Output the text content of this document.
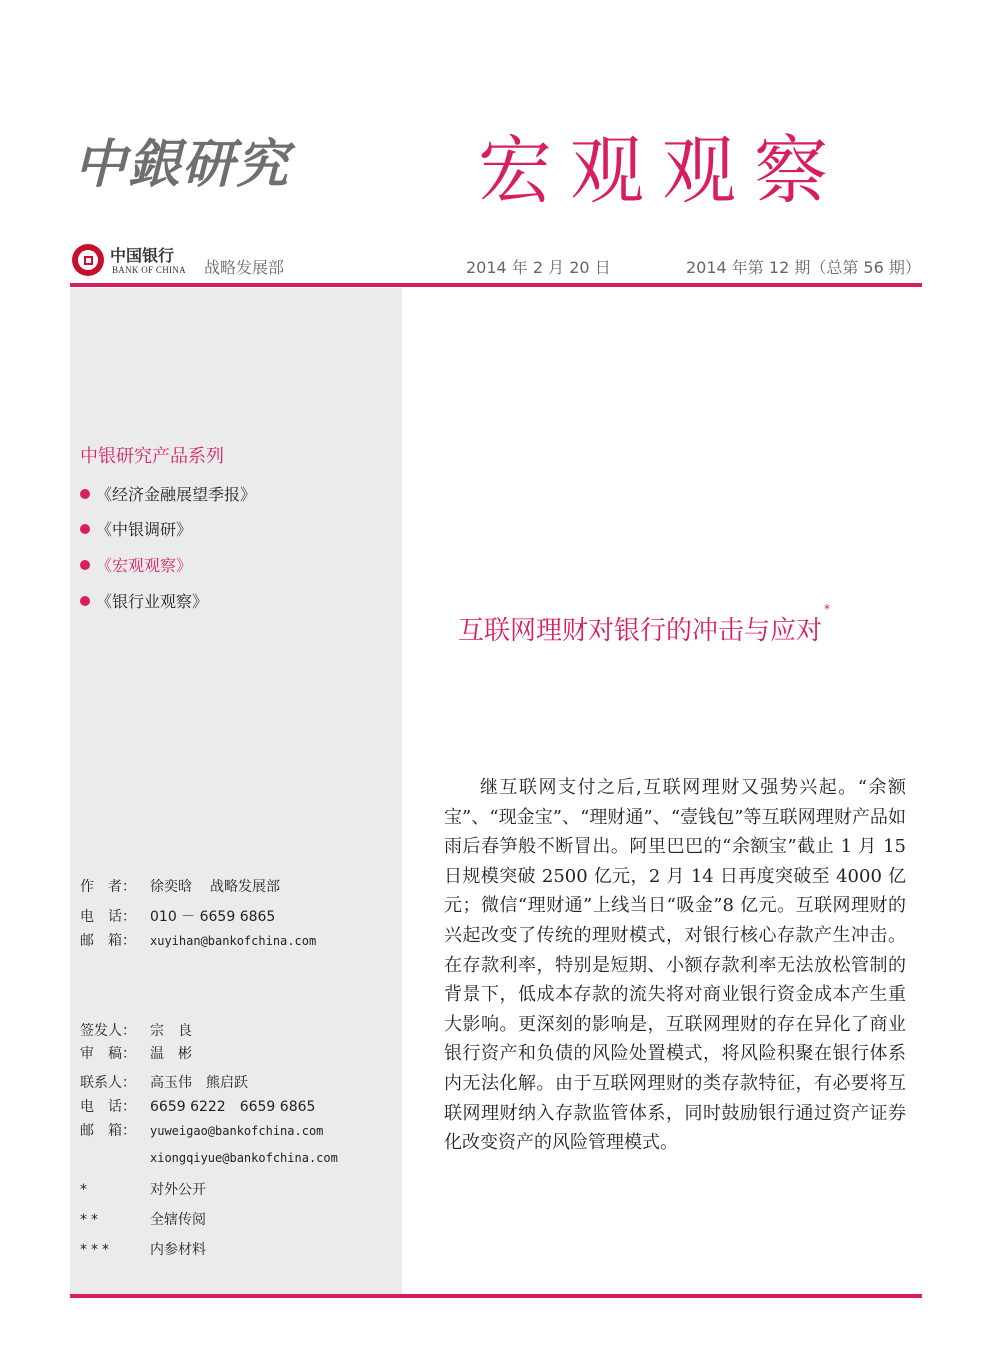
中銀研究	宏观观察
中国银行
BANK OF CHINA 战略发展部	2014 年 2 月 20 日	2014 年第 12 期（总第 56 期）
中银研究产品系列
《经济金融展望季报》
《中银调研》
《宏观观察》
《银行业观察》
作　者： 徐奕晗 战略发展部
电　话： 010 － 6659 6865
邮　箱： xuyihan@bankofchina.com
签发人： 宗　良
审　稿： 温　彬
联系人： 高玉伟　熊启跃
电　话： 6659 6222　6659 6865
邮　箱： yuweigao@bankofchina.com
xiongqiyue@bankofchina.com
*	对外公开
**	全辖传阅
***	内参材料
互联网理财对银行的冲击与应对*

继互联网支付之后,互联网理财又强势兴起。“余额宝”、“现金宝”、“理财通”、“壹钱包”等互联网理财产品如雨后春笋般不断冒出。阿里巴巴的“余额宝”截止 1 月 15 日规模突破 2500 亿元，2 月 14 日再度突破至 4000 亿元；微信“理财通”上线当日“吸金”8 亿元。互联网理财的兴起改变了传统的理财模式，对银行核心存款产生冲击。在存款利率，特别是短期、小额存款利率无法放松管制的背景下，低成本存款的流失将对商业银行资金成本产生重大影响。更深刻的影响是，互联网理财的存在异化了商业银行资产和负债的风险处置模式，将风险积聚在银行体系内无法化解。由于互联网理财的类存款特征，有必要将互联网理财纳入存款监管体系，同时鼓励银行通过资产证券化改变资产的风险管理模式。
